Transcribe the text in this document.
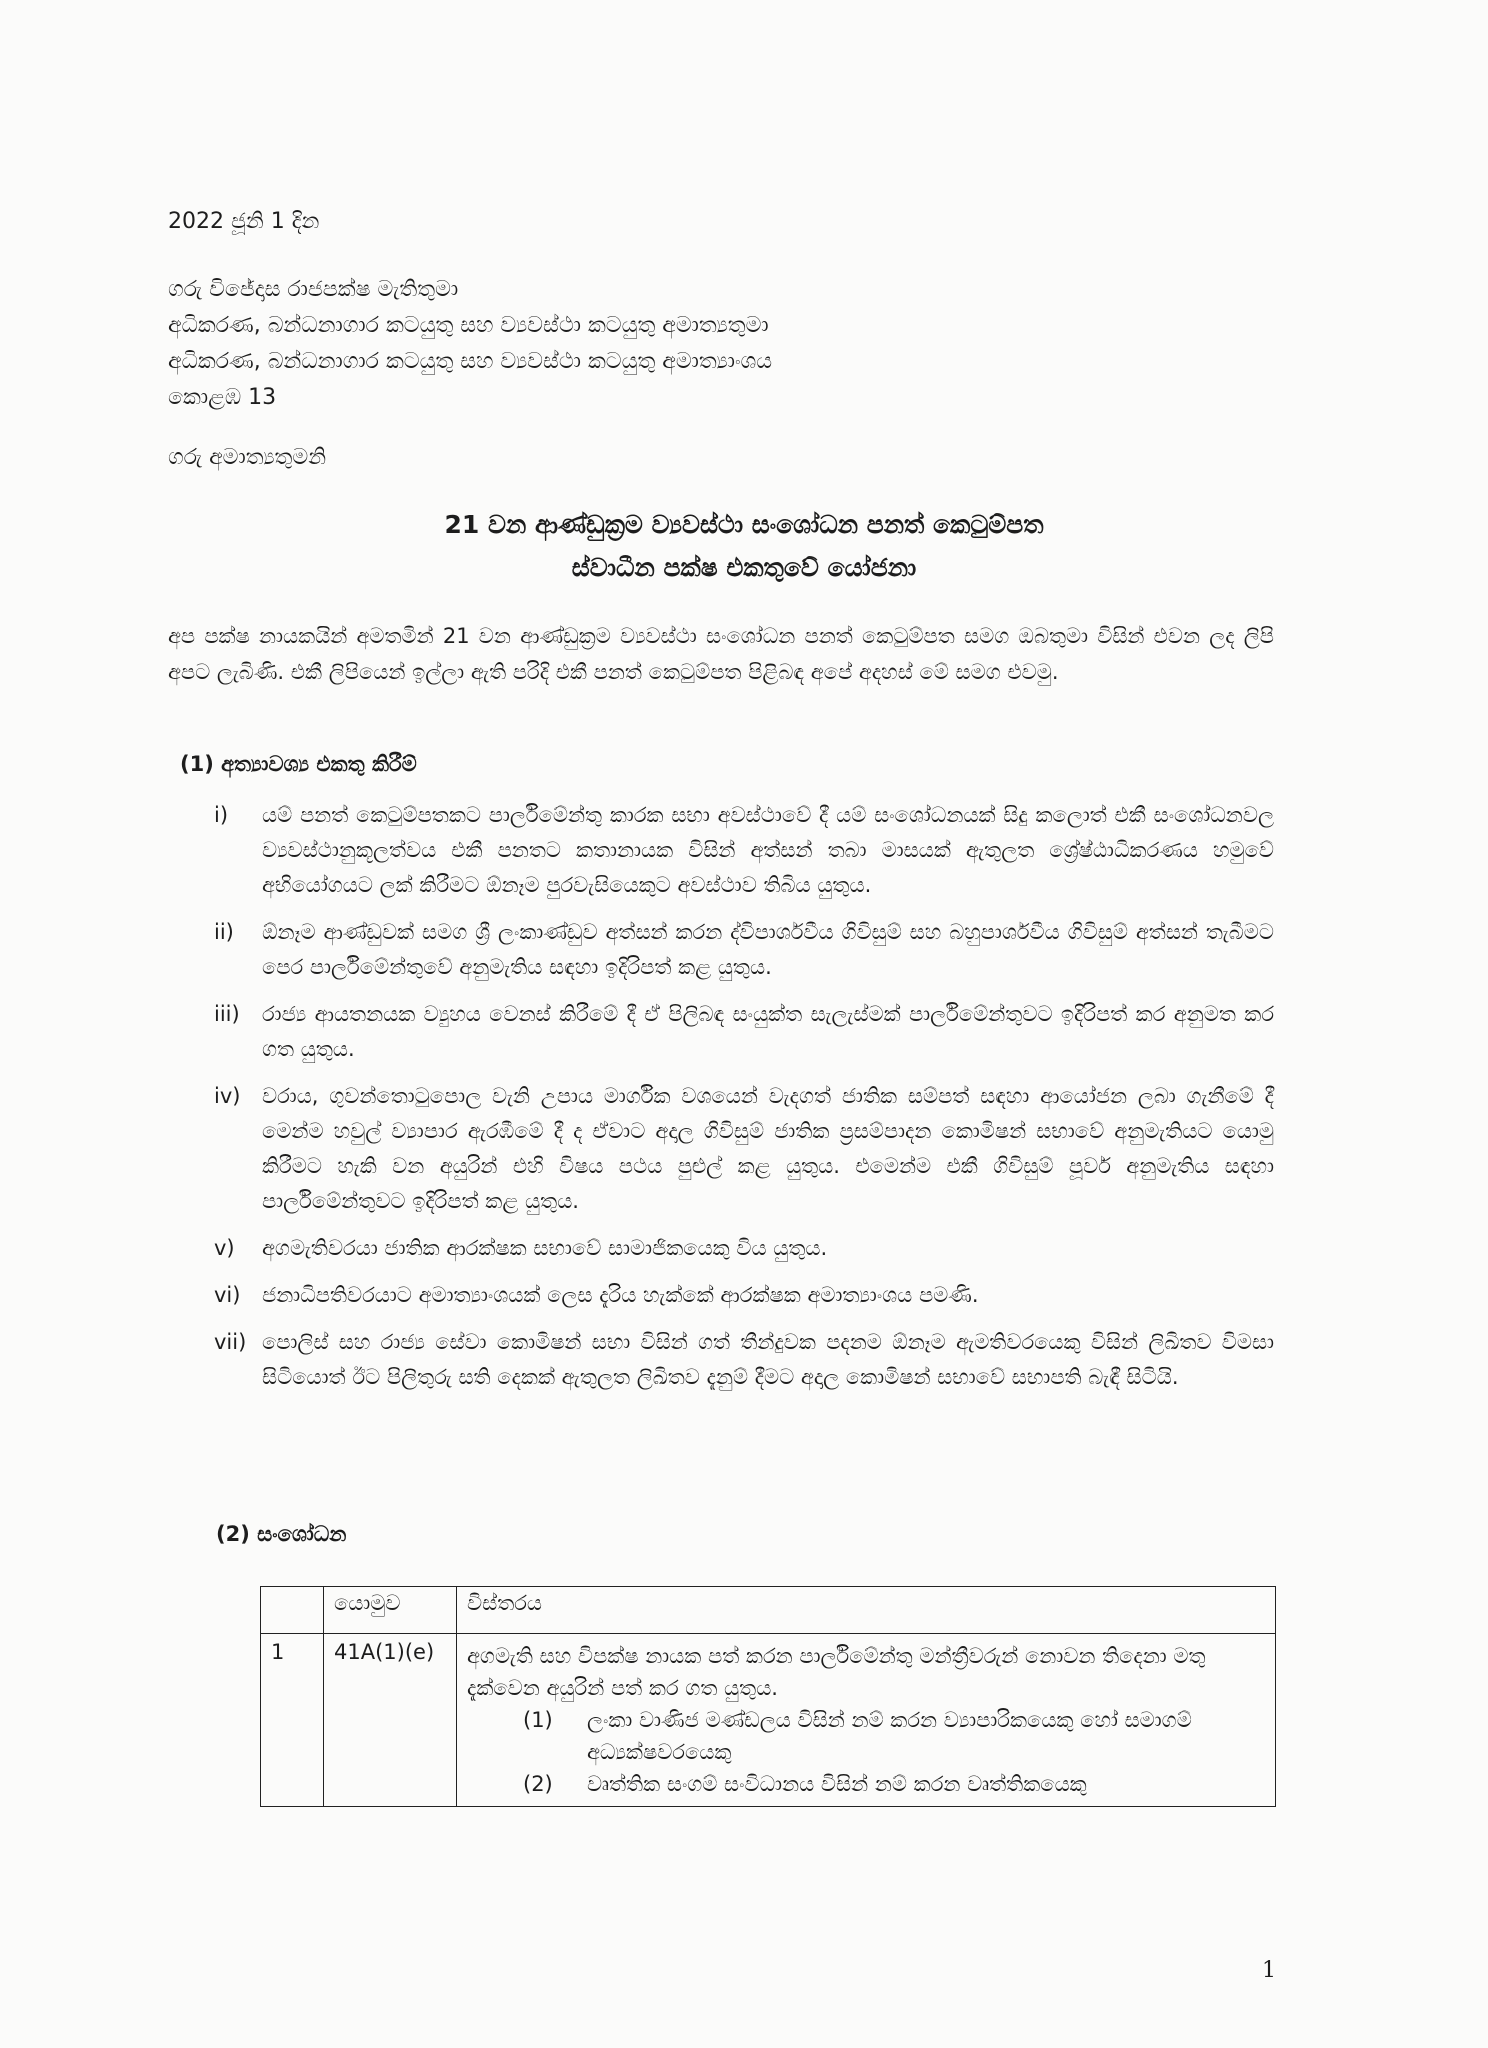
2022 ජූනි 1 දින
ගරු විජේදාස රාජපක්ෂ මැතිතුමා
අධිකරණ, බන්ධනාගාර කටයුතු සහ ව්‍යවස්ථා කටයුතු අමාත්‍යතුමා
අධිකරණ, බන්ධනාගාර කටයුතු සහ ව්‍යවස්ථා කටයුතු අමාත්‍යාංශය
කොළඹ 13
ගරු අමාත්‍යතුමනි
21 වන ආණ්ඩුක්‍රම ව්‍යවස්ථා සංශෝධන පනත් කෙටුම්පත
ස්වාධීන පක්ෂ එකතුවේ යෝජනා
අප පක්ෂ නායකයින් අමතමින් 21 වන ආණ්ඩුක්‍රම ව්‍යවස්ථා සංශෝධන පනත් කෙටුම්පත සමග ඔබතුමා විසින් එවන ලද ලිපි අපට ලැබිණි. එකී ලිපියෙන් ඉල්ලා ඇති පරිදි එකී පනත් කෙටුම්පත පිළිබඳ අපේ අදහස් මේ සමග එවමු.
(1) අත්‍යාවශ්‍ය එකතු කිරීම්
i)	යම් පනත් කෙටුම්පතකට පාර්ලිමේන්තු කාරක සභා අවස්ථාවේ දී යම් සංශෝධනයක් සිදු කලොත් එකී සංශෝධනවල ව්‍යවස්ථානුකූලත්වය එකී පනතට කතානායක විසින් අත්සන් තබා මාසයක් ඇතුලත ශ්‍රේෂ්ඨාධිකරණය හමුවේ අභියෝගයට ලක් කිරීමට ඕනෑම පුරවැසියෙකුට අවස්ථාව තිබිය යුතුය.
ii)	ඕනෑම ආණ්ඩුවක් සමග ශ්‍රී ලංකාණ්ඩුව අත්සන් කරන ද්විපාර්ශවීය ගිවිසුම් සහ බහුපාර්ශවීය ගිවිසුම් අත්සන් තැබීමට පෙර පාර්ලිමේන්තුවේ අනුමැතිය සඳහා ඉදිරිපත් කළ යුතුය.
iii)	රාජ්‍ය ආයතනයක ව්‍යුහය වෙනස් කිරීමේ දී ඒ පිලිබඳ සංයුක්ත සැලැස්මක් පාර්ලිමේන්තුවට ඉදිරිපත් කර අනුමත කර ගත යුතුය.
iv)	වරාය, ගුවන්තොටුපොල වැනි උපාය මාර්ගික වශයෙන් වැදගත් ජාතික සම්පත් සඳහා ආයෝජන ලබා ගැනීමේ දී මෙන්ම හවුල් ව්‍යාපාර ඇරඹීමේ දී ද ඒවාට අදාල ගිවිසුම් ජාතික ප්‍රසම්පාදන කොමිෂන් සභාවේ අනුමැතියට යොමු කිරීමට හැකි වන අයුරින් එහි විෂය පථය පුළුල් කළ යුතුය. එමෙන්ම එකී ගිවිසුම් පූර්ව අනුමැතිය සඳහා පාර්ලිමේන්තුවට ඉදිරිපත් කළ යුතුය.
v)	අගමැතිවරයා ජාතික ආරක්ෂක සභාවේ සාමාජිකයෙකු විය යුතුය.
vi)	ජනාධිපතිවරයාට අමාත්‍යාංශයක් ලෙස දැරිය හැක්කේ ආරක්ෂක අමාත්‍යාංශය පමණි.
vii) පොලිස් සහ රාජ්‍ය සේවා කොමිෂන් සභා විසින් ගත් තීන්දුවක පදනම ඕනෑම ඇමතිවරයෙකු විසින් ලිඛිතව විමසා සිටියොත් ඊට පිලිතුරු සති දෙකක් ඇතුලත ලිඛිතව දැනුම් දීමට අදාල කොමිෂන් සභාවේ සභාපති බැඳී සිටියි.
(2) සංශෝධන
	යොමුව	විස්තරය
1	41A(1)(e)	අගමැති සහ විපක්ෂ නායක පත් කරන පාර්ලිමේන්තු මන්ත්‍රීවරුන් නොවන තිදෙනා මතු දැක්වෙන අයුරින් පත් කර ගත යුතුය.
(1) ලංකා වාණිජ මණ්ඩලය විසින් නම් කරන ව්‍යාපාරිකයෙකු හෝ සමාගම් අධ්‍යක්ෂවරයෙකු
(2) වෘත්තික සංගම් සංවිධානය විසින් නම් කරන වෘත්තිකයෙකු
1
